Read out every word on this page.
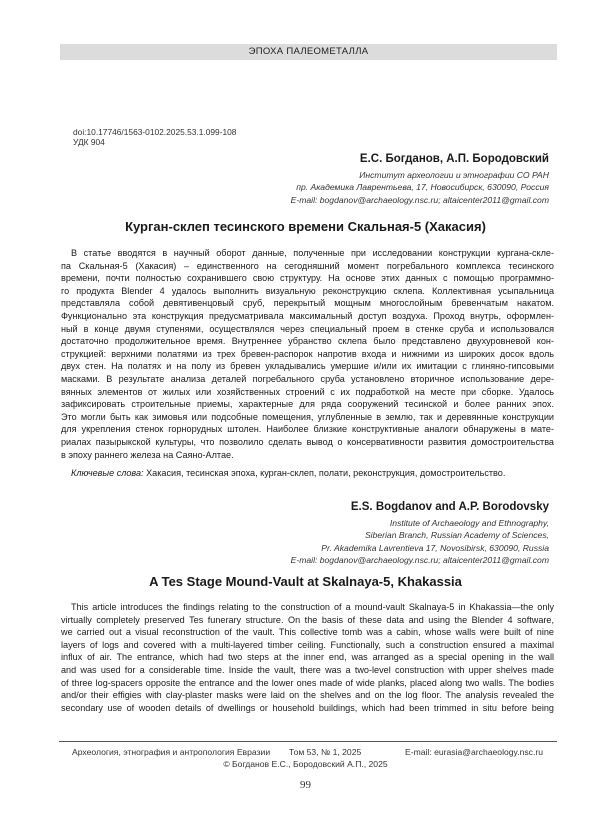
ЭПОХА ПАЛЕОМЕТАЛЛА
doi:10.17746/1563-0102.2025.53.1.099-108
УДК 904
Е.С. Богданов, А.П. Бородовский
Институт археологии и этнографии СО РАН
пр. Академика Лаврентьева, 17, Новосибирск, 630090, Россия
E-mail: bogdanov@archaeology.nsc.ru; altaicenter2011@gmail.com
Курган-склеп тесинского времени Скальная-5 (Хакасия)
В статье вводятся в научный оборот данные, полученные при исследовании конструкции кургана-скле-
па Скальная-5 (Хакасия) – единственного на сегодняшний момент погребального комплекса тесинского
времени, почти полностью сохранившего свою структуру. На основе этих данных с помощью программно-
го продукта Blender 4 удалось выполнить визуальную реконструкцию склепа. Коллективная усыпальница
представляла собой девятивенцовый сруб, перекрытый мощным многослойным бревенчатым накатом.
Функционально эта конструкция предусматривала максимальный доступ воздуха. Проход внутрь, оформлен-
ный в конце двумя ступенями, осуществлялся через специальный проем в стенке сруба и использовался
достаточно продолжительное время. Внутреннее убранство склепа было представлено двухуровневой кон-
струкцией: верхними полатями из трех бревен-распорок напротив входа и нижними из широких досок вдоль
двух стен. На полатях и на полу из бревен укладывались умершие и/или их имитации с глиняно-гипсовыми
масками. В результате анализа деталей погребального сруба установлено вторичное использование дере-
вянных элементов от жилых или хозяйственных строений с их подработкой на месте при сборке. Удалось
зафиксировать строительные приемы, характерные для ряда сооружений тесинской и более ранних эпох.
Это могли быть как зимовья или подсобные помещения, углубленные в землю, так и деревянные конструкции
для укрепления стенок горнорудных штолен. Наиболее близкие конструктивные аналоги обнаружены в мате-
риалах пазырыкской культуры, что позволило сделать вывод о консервативности развития домостроительства
в эпоху раннего железа на Саяно-Алтае.
Ключевые слова: Хакасия, тесинская эпоха, курган-склеп, полати, реконструкция, домостроительство.
E.S. Bogdanov and A.P. Borodovsky
Institute of Archaeology and Ethnography,
Siberian Branch, Russian Academy of Sciences,
Pr. Akademika Lavrentieva 17, Novosibirsk, 630090, Russia
E-mail: bogdanov@archaeology.nsc.ru; altaicenter2011@gmail.com
A Tes Stage Mound-Vault at Skalnaya-5, Khakassia
This article introduces the findings relating to the construction of a mound-vault Skalnaya-5 in Khakassia—the only
virtually completely preserved Tes funerary structure. On the basis of these data and using the Blender 4 software,
we carried out a visual reconstruction of the vault. This collective tomb was a cabin, whose walls were built of nine
layers of logs and covered with a multi-layered timber ceiling. Functionally, such a construction ensured a maximal
influx of air. The entrance, which had two steps at the inner end, was arranged as a special opening in the wall
and was used for a considerable time. Inside the vault, there was a two-level construction with upper shelves made
of three log-spacers opposite the entrance and the lower ones made of wide planks, placed along two walls. The bodies
and/or their effigies with clay-plaster masks were laid on the shelves and on the log floor. The analysis revealed the
secondary use of wooden details of dwellings or household buildings, which had been trimmed in situ before being
Археология, этнография и антропология Евразии Том 53, № 1, 2025	E-mail: eurasia@archaeology.nsc.ru
© Богданов Е.С., Бородовский А.П., 2025
99
